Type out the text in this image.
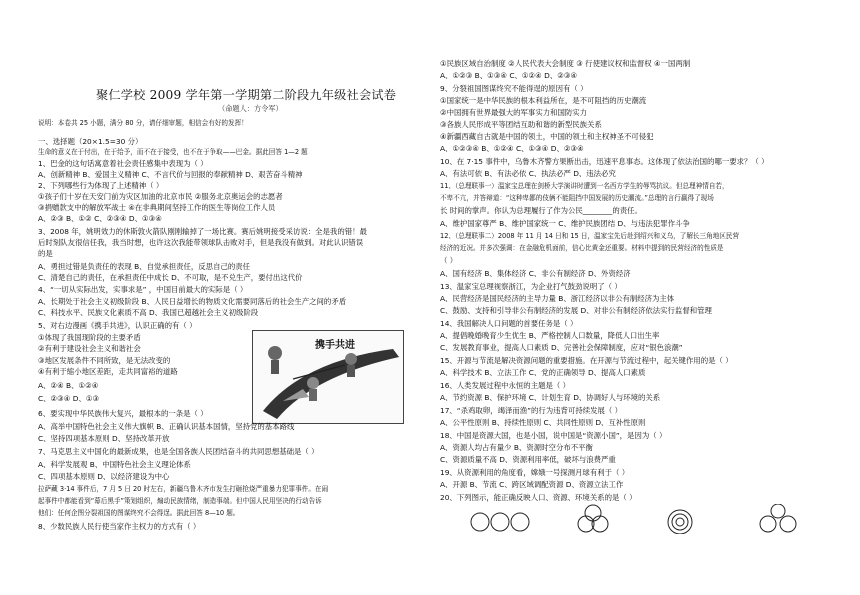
聚仁学校 2009 学年第一学期第二阶段九年级社会试卷
（命题人：方令军）
说明：本卷共 25 小题，满分 80 分，请仔细审题，相信会有好的发挥！
一、选择题（20×1.5=30 分）
生命的意义在于付出，在于给予，而不在于接受，也不在于争取——巴金。据此回答 1—2 题
1、巴金的这句话寓意着社会责任感集中表现为（ ）
A、创新精神 B、爱国主义精神 C、不言代价与回报的奉献精神 D、艰苦奋斗精神
2、下列哪些行为体现了上述精神（ ）
①孩子们十岁在天安门前为灾区加油的北京市民 ②服务北京奥运会的志愿者
③捐赠款支中的解放军战士 ④在非典期间坚持工作的医生等岗位工作人员
A、②③ B、①② C、②③④ D、①③④
3、2008 年，姚明效力的休斯敦火箭队刚刚输掉了一场比赛。赛后姚明接受采访说：全是我的错！最
后时刻队友很信任我，我当时想，也许这次我能带领球队击败对手，但是我没有做到。对此认识错误
的是
A、勇担过错是负责任的表现 B、自觉承担责任，反思自己的责任
C、清楚自己的责任，在承担责任中成长 D、不可取，是不兑生产，要付出这代价
4、“一切从实际出发，实事求是” ，中国目前最大的实际是（ ）
A、长期处于社会主义初级阶段 B、人民日益增长的物质文化需要同落后的社会生产之间的矛盾
C、科技水平、民族文化素质不高 D、我国已超越社会主义初级阶段
5、对右边漫画《携手共进》，认识正确的有（ ）
①体现了我国现阶段的主要矛盾
②有利于建设社会主义和谐社会
③地区发展条件不同所致，是无法改变的
④有利于缩小地区差距，走共同富裕的道路
A、②④ B、①②④
C、②③④ D、①③
携手共进
6、要实现中华民族伟大复兴，最根本的一条是（ ）
A、高举中国特色社会主义伟大旗帜 B、正确认识基本国情，坚持党的基本路线
C、坚持四项基本原则 D、坚持改革开放
7、马克思主义中国化的最新成果，也是全国各族人民团结奋斗的共同思想基础是（ ）
A、科学发展观 B、中国特色社会主义理论体系
C、四项基本原则 D、以经济建设为中心
拉萨藏 3·14 事件后，7 月 5 日 20 时左右，新疆乌鲁木齐市发生打砸抢烧严重暴力犯罪事件。在闹
起事件中都能看到“幕后黑手”策划组织，煽动民族情绪，制造事端。但中国人民用坚决的行动告诉
他们：任何企图分裂祖国的图谋终究不会得逞。据此回答 8—10 题。
8、少数民族人民行使当家作主权力的方式有（ ）
①民族区域自治制度 ②人民代表大会制度 ③ 行使建议权和监督权 ④一国两制
A、①②③ B、①③④ C、①②④ D、②③④
9、分裂祖国图谋终究不能得逞的原因有（ ）
①国家统一是中华民族的根本利益所在，是不可阻挡的历史潮流
②中国拥有世界最强大的军事实力和国防实力
③各族人民形成平等团结互助和谐的新型民族关系
④新疆西藏自古就是中国的领土，中国的领土和主权神圣不可侵犯
A、①②③④ B、①②④ C、①③④ D、②③④
10、在 7·15 事件中，乌鲁木齐警方果断出击，迅速平息事态。这体现了依法治国的哪一要求？（ ）
A、有法可依 B、有法必依 C、执法必严 D、违法必究
11、（总理联事一）温家宝总理在剑桥大学演讲时遭到一名西方学生的辱骂抗议。但总理神情自若，
不卑不亢，并答辩道：“这种卑鄙的伎俩不能阻挡中国发展的历史潮流。”总理的言行赢得了现场
长 时间的掌声。你认为总理履行了作为公民________的责任。
A、维护国家尊严 B、维护国家统一 C、维护民族团结 D、与违法犯罪作斗争
12、（总理联事二）2008 年 11 月 14 日和 15 日，温家宝先后赴到绍兴和义乌，了解长三角地区民营
经济的近况。并多次强调：在金融危机面前，信心比黄金还重要。材料中提到的民营经济的性质是
（ ）
A、国有经济 B、集体经济 C、非公有制经济 D、外资经济
13、温家宝总理视察浙江，为企业打气鼓劲说明了（ ）
A、民营经济是国民经济的主导力量 B、浙江经济以非公有制经济为主体
C、鼓励、支持和引导非公有制经济的发展 D、对非公有制经济依法实行监督和管理
14、我国解决人口问题的首要任务是（ ）
A、提倡晚婚晚育少生优生 B、严格控制人口数量，降低人口出生率
C、发展教育事业，提高人口素质 D、完善社会保障制度，应对“银色浪潮”
15、开源与节流是解决资源问题的重要措施。在开源与节流过程中，起关键作用的是（ ）
A、科学技术 B、立法工作 C、党的正确领导 D、提高人口素质
16、人类发展过程中永恒的主题是（ ）
A、节约资源 B、保护环境 C、计划生育 D、协调好人与环境的关系
17、“杀鸡取卵，竭泽而渔”的行为违背可持续发展（ ）
A、公平性原则 B、持续性原则 C、共同性原则 D、互补性原则
18、中国是资源大国，也是小国，说中国是“资源小国”，是因为（ ）
A、资源人均占有量少 B、资源时空分布不平衡
C、资源质量不高 D、资源利用率低，破坏与浪费严重
19、从资源利用的角度看，嫦娥一号探测月球有利于（ ）
A、开源 B、节流 C、跨区域调配资源 D、资源立法工作
20、下列图示，能正确反映人口、资源、环境关系的是（ ）
